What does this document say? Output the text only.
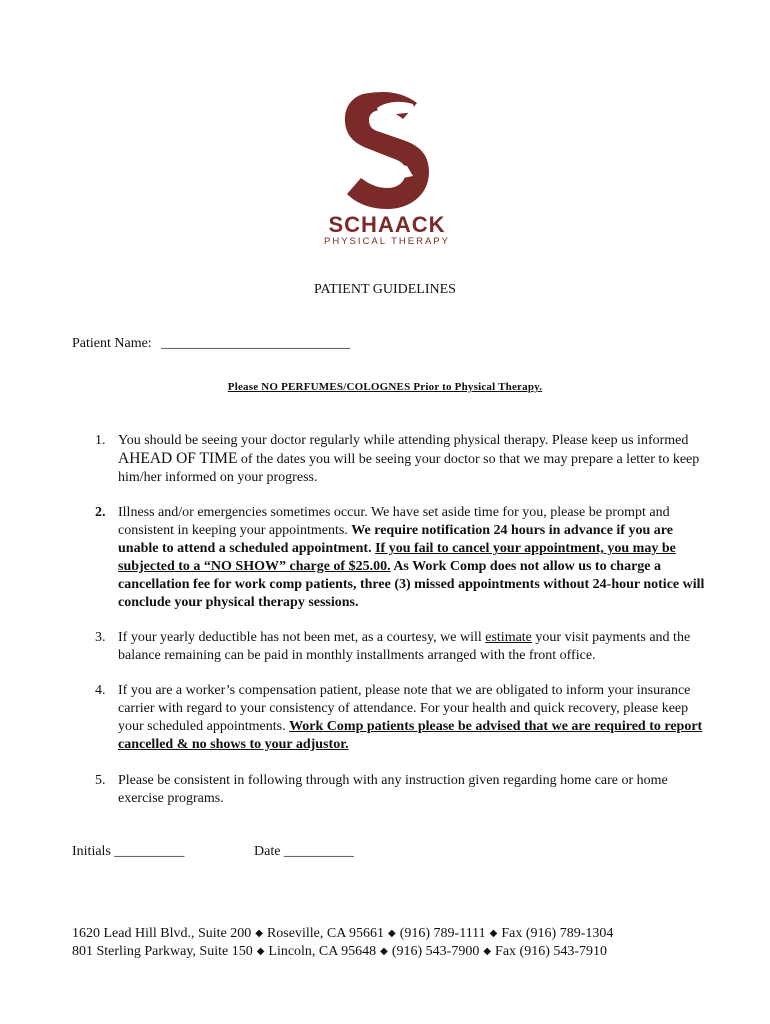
SCHAACK
PHYSICAL THERAPY
PATIENT GUIDELINES
Patient Name: ___________________________
Please NO PERFUMES/COLOGNES Prior to Physical Therapy.
1. You should be seeing your doctor regularly while attending physical therapy. Please keep us informed AHEAD OF TIME of the dates you will be seeing your doctor so that we may prepare a letter to keep him/her informed on your progress.
2. Illness and/or emergencies sometimes occur. We have set aside time for you, please be prompt and consistent in keeping your appointments. We require notification 24 hours in advance if you are unable to attend a scheduled appointment. If you fail to cancel your appointment, you may be subjected to a “NO SHOW” charge of $25.00. As Work Comp does not allow us to charge a cancellation fee for work comp patients, three (3) missed appointments without 24-hour notice will conclude your physical therapy sessions.
3. If your yearly deductible has not been met, as a courtesy, we will estimate your visit payments and the balance remaining can be paid in monthly installments arranged with the front office.
4. If you are a worker’s compensation patient, please note that we are obligated to inform your insurance carrier with regard to your consistency of attendance. For your health and quick recovery, please keep your scheduled appointments. Work Comp patients please be advised that we are required to report cancelled & no shows to your adjustor.
5. Please be consistent in following through with any instruction given regarding home care or home exercise programs.
Initials __________	Date __________
1620 Lead Hill Blvd., Suite 200 ◆ Roseville, CA 95661 ◆ (916) 789-1111 ◆ Fax (916) 789-1304
801 Sterling Parkway, Suite 150 ◆ Lincoln, CA 95648 ◆ (916) 543-7900 ◆ Fax (916) 543-7910
